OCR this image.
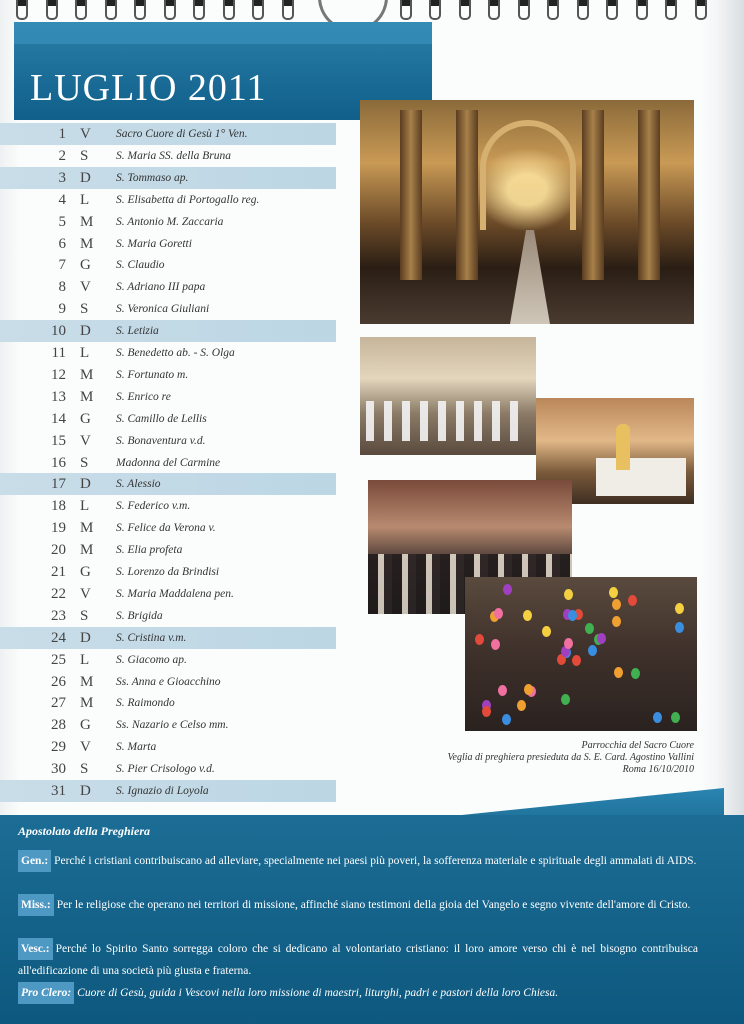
LUGLIO 2011
1 V Sacro Cuore di Gesù 1° Ven.
2 S S. Maria SS. della Bruna
3 D S. Tommaso ap.
4 L S. Elisabetta di Portogallo reg.
5 M S. Antonio M. Zaccaria
6 M S. Maria Goretti
7 G S. Claudio
8 V S. Adriano III papa
9 S S. Veronica Giuliani
10 D S. Letizia
11 L S. Benedetto ab. - S. Olga
12 M S. Fortunato m.
13 M S. Enrico re
14 G S. Camillo de Lellis
15 V S. Bonaventura v.d.
16 S Madonna del Carmine
17 D S. Alessio
18 L S. Federico v.m.
19 M S. Felice da Verona v.
20 M S. Elia profeta
21 G S. Lorenzo da Brindisi
22 V S. Maria Maddalena pen.
23 S S. Brigida
24 D S. Cristina v.m.
25 L S. Giacomo ap.
26 M Ss. Anna e Gioacchino
27 M S. Raimondo
28 G Ss. Nazario e Celso mm.
29 V S. Marta
30 S S. Pier Crisologo v.d.
31 D S. Ignazio di Loyola
Parrocchia del Sacro Cuore
Veglia di preghiera presieduta da S. E. Card. Agostino Vallini
Roma 16/10/2010
Apostolato della Preghiera
Gen.: Perché i cristiani contribuiscano ad alleviare, specialmente nei paesi più poveri, la sofferenza materiale e spirituale degli ammalati di AIDS.
Miss.: Per le religiose che operano nei territori di missione, affinché siano testimoni della gioia del Vangelo e segno vivente dell'amore di Cristo.
Vesc.: Perché lo Spirito Santo sorregga coloro che si dedicano al volontariato cristiano: il loro amore verso chi è nel bisogno contribuisca all'edificazione di una società più giusta e fraterna.
Pro Clero: Cuore di Gesù, guida i Vescovi nella loro missione di maestri, liturghi, padri e pastori della loro Chiesa.
